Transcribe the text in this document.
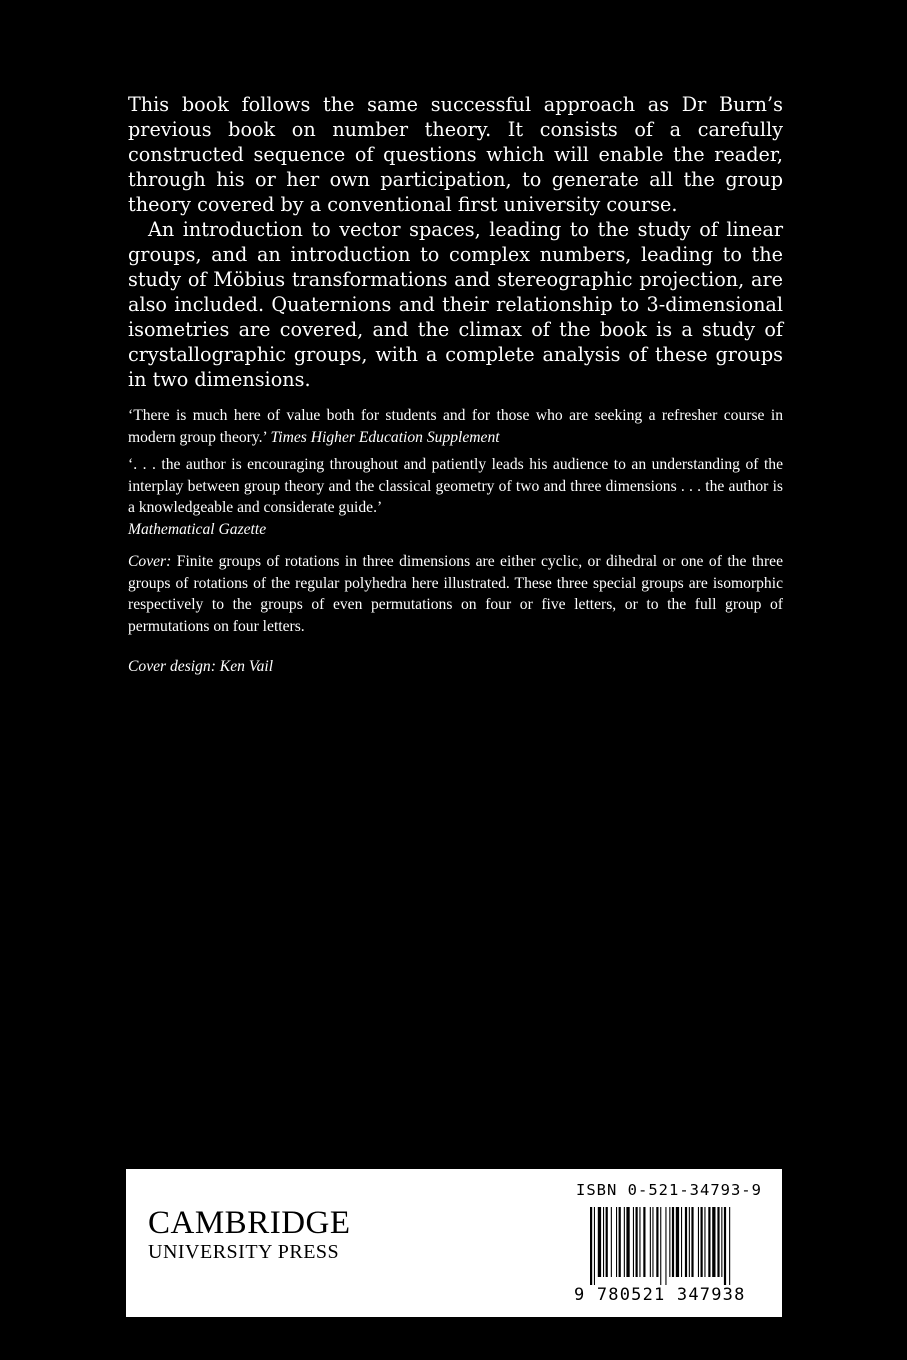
This book follows the same successful approach as Dr Burn’s previous book on number theory. It consists of a carefully constructed sequence of questions which will enable the reader, through his or her own participation, to generate all the group theory covered by a conventional first university course.

An introduction to vector spaces, leading to the study of linear groups, and an introduction to complex numbers, leading to the study of Möbius transformations and stereographic projection, are also included. Quaternions and their relationship to 3-dimensional isometries are covered, and the climax of the book is a study of crystallographic groups, with a complete analysis of these groups in two dimensions.

‘There is much here of value both for students and for those who are seeking a refresher course in modern group theory.’ Times Higher Education Supplement

‘. . . the author is encouraging throughout and patiently leads his audience to an understanding of the interplay between group theory and the classical geometry of two and three dimensions . . . the author is a knowledgeable and considerate guide.’
Mathematical Gazette

Cover: Finite groups of rotations in three dimensions are either cyclic, or dihedral or one of the three groups of rotations of the regular polyhedra here illustrated. These three special groups are isomorphic respectively to the groups of even permutations on four or five letters, or to the full group of permutations on four letters.

Cover design: Ken Vail

CAMBRIDGE
UNIVERSITY PRESS
ISBN 0-521-34793-9
9 780521 347938
